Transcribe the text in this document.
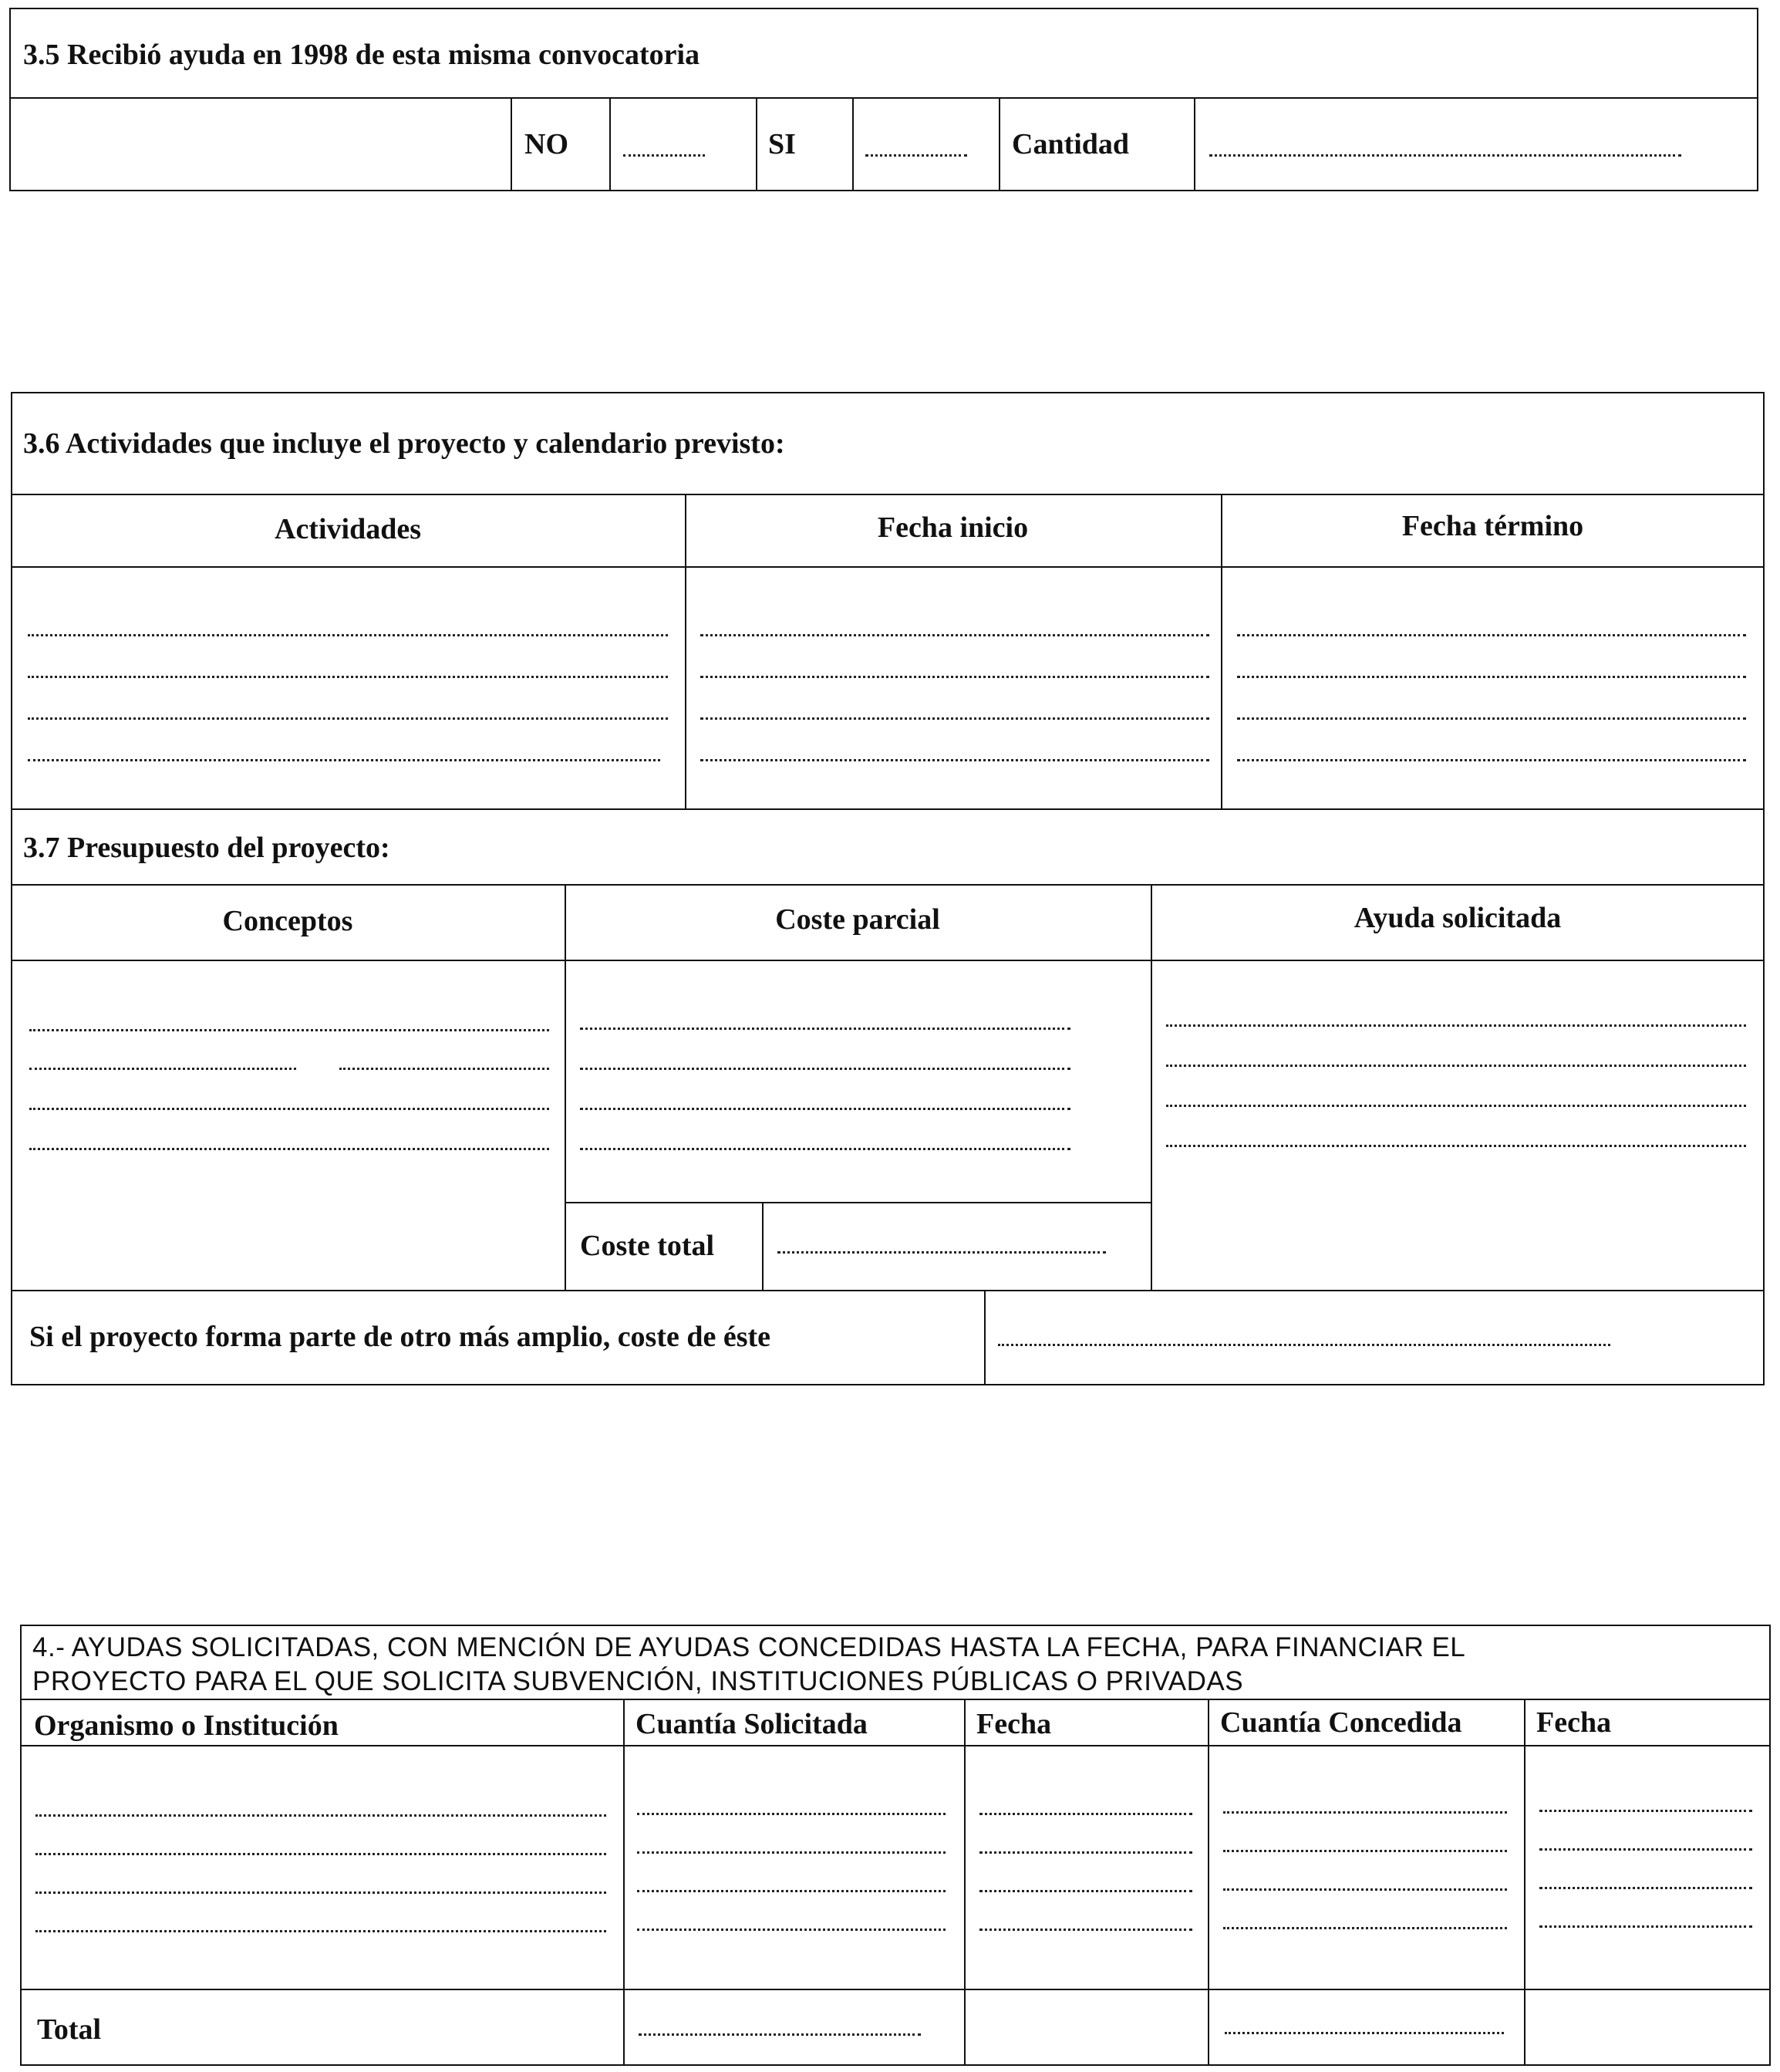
3.5 Recibió ayuda en 1998 de esta misma convocatoria
NO	SI	Cantidad
3.6 Actividades que incluye el proyecto y calendario previsto:
Actividades	Fecha inicio	Fecha término
3.7 Presupuesto del proyecto:
Conceptos	Coste parcial	Ayuda solicitada
Coste total
Si el proyecto forma parte de otro más amplio, coste de éste
4.- AYUDAS SOLICITADAS, CON MENCIÓN DE AYUDAS CONCEDIDAS HASTA LA FECHA, PARA FINANCIAR EL
PROYECTO PARA EL QUE SOLICITA SUBVENCIÓN, INSTITUCIONES PÚBLICAS O PRIVADAS
Organismo o Institución	Cuantía Solicitada	Fecha	Cuantía Concedida	Fecha
Total
